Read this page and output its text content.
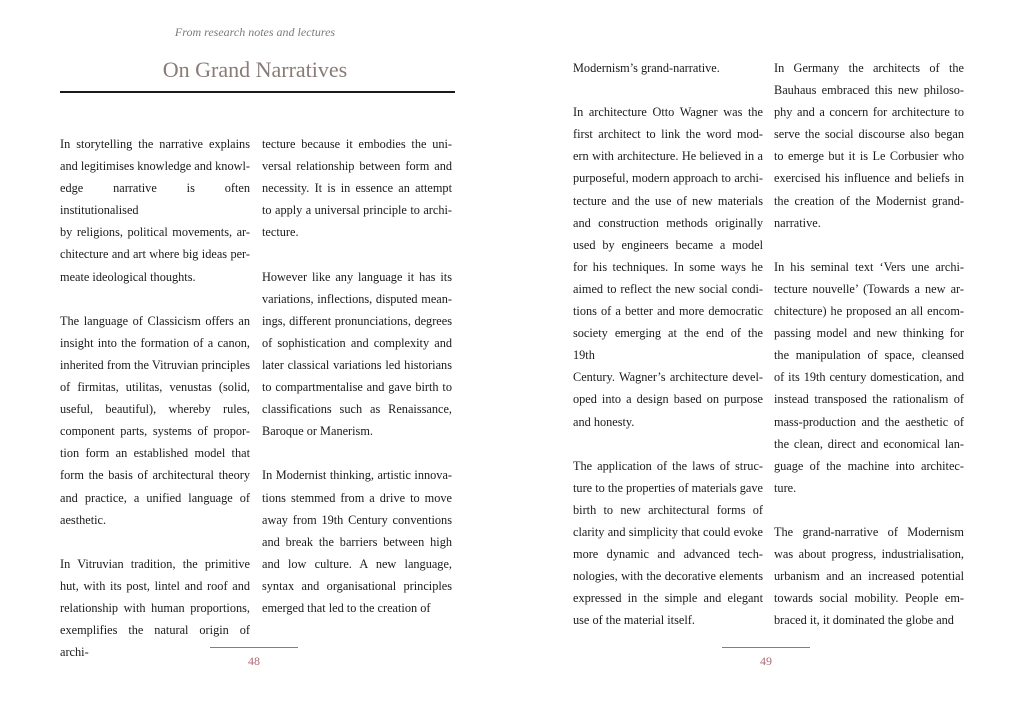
From research notes and lectures
On Grand Narratives

In storytelling the narrative explains

and legitimises knowledge and knowl-

edge narrative is often institutionalised

by religions, political movements, ar-

chitecture and art where big ideas per-

meate ideological thoughts.

The language of Classicism offers an

insight into the formation of a canon,

inherited from the Vitruvian principles

of firmitas, utilitas, venustas (solid,

useful, beautiful), whereby rules,

component parts, systems of propor-

tion form an established model that

form the basis of architectural theory

and practice, a unified language of

aesthetic.

In Vitruvian tradition, the primitive

hut, with its post, lintel and roof and

relationship with human proportions,

exemplifies the natural origin of archi-

tecture because it embodies the uni-

versal relationship between form and

necessity. It is in essence an attempt

to apply a universal principle to archi-

tecture.

However like any language it has its

variations, inflections, disputed mean-

ings, different pronunciations, degrees

of sophistication and complexity and

later classical variations led historians

to compartmentalise and gave birth to

classifications such as Renaissance,

Baroque or Manerism.

In Modernist thinking, artistic innova-

tions stemmed from a drive to move

away from 19th Century conventions

and break the barriers between high

and low culture. A new language,

syntax and organisational principles

emerged that led to the creation of

48

Modernism’s grand-narrative.

In architecture Otto Wagner was the

first architect to link the word mod-

ern with architecture. He believed in a

purposeful, modern approach to archi-

tecture and the use of new materials

and construction methods originally

used by engineers became a model

for his techniques. In some ways he

aimed to reflect the new social condi-

tions of a better and more democratic

society emerging at the end of the 19th

Century. Wagner’s architecture devel-

oped into a design based on purpose

and honesty.

The application of the laws of struc-

ture to the properties of materials gave

birth to new architectural forms of

clarity and simplicity that could evoke

more dynamic and advanced tech-

nologies, with the decorative elements

expressed in the simple and elegant

use of the material itself.

In Germany the architects of the

Bauhaus embraced this new philoso-

phy and a concern for architecture to

serve the social discourse also began

to emerge but it is Le Corbusier who

exercised his influence and beliefs in

the creation of the Modernist grand-

narrative.

In his seminal text ‘Vers une archi-

tecture nouvelle’ (Towards a new ar-

chitecture) he proposed an all encom-

passing model and new thinking for

the manipulation of space, cleansed

of its 19th century domestication, and

instead transposed the rationalism of

mass-production and the aesthetic of

the clean, direct and economical lan-

guage of the machine into architec-

ture.

The grand-narrative of Modernism

was about progress, industrialisation,

urbanism and an increased potential

towards social mobility. People em-

braced it, it dominated the globe and

49
